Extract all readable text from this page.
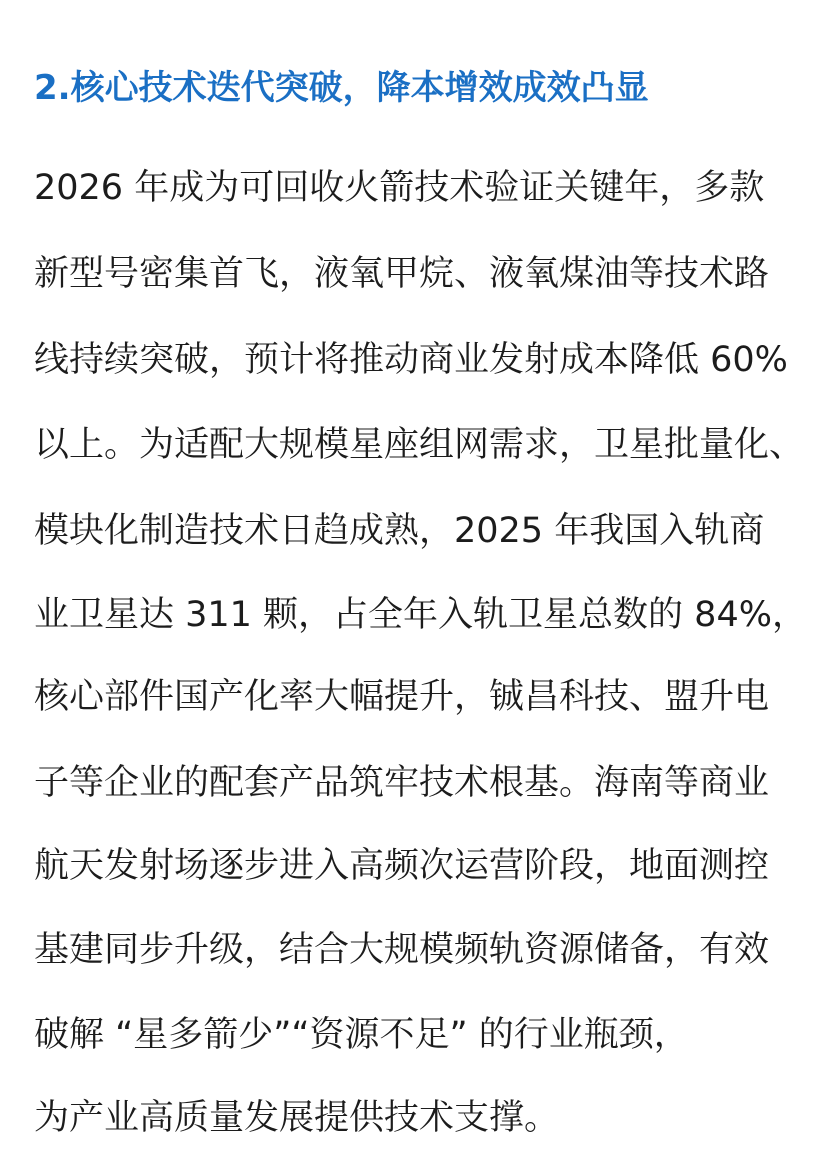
2.核心技术迭代突破，降本增效成效凸显

2026 年成为可回收火箭技术验证关键年，多款

新型号密集首飞，液氧甲烷、液氧煤油等技术路

线持续突破，预计将推动商业发射成本降低 60%

以上。为适配大规模星座组网需求，卫星批量化、

模块化制造技术日趋成熟，2025 年我国入轨商

业卫星达 311 颗，占全年入轨卫星总数的 84%，

核心部件国产化率大幅提升，铖昌科技、盟升电

子等企业的配套产品筑牢技术根基。海南等商业

航天发射场逐步进入高频次运营阶段，地面测控

基建同步升级，结合大规模频轨资源储备，有效

破解 “星多箭少”“资源不足” 的行业瓶颈，

为产业高质量发展提供技术支撑。
